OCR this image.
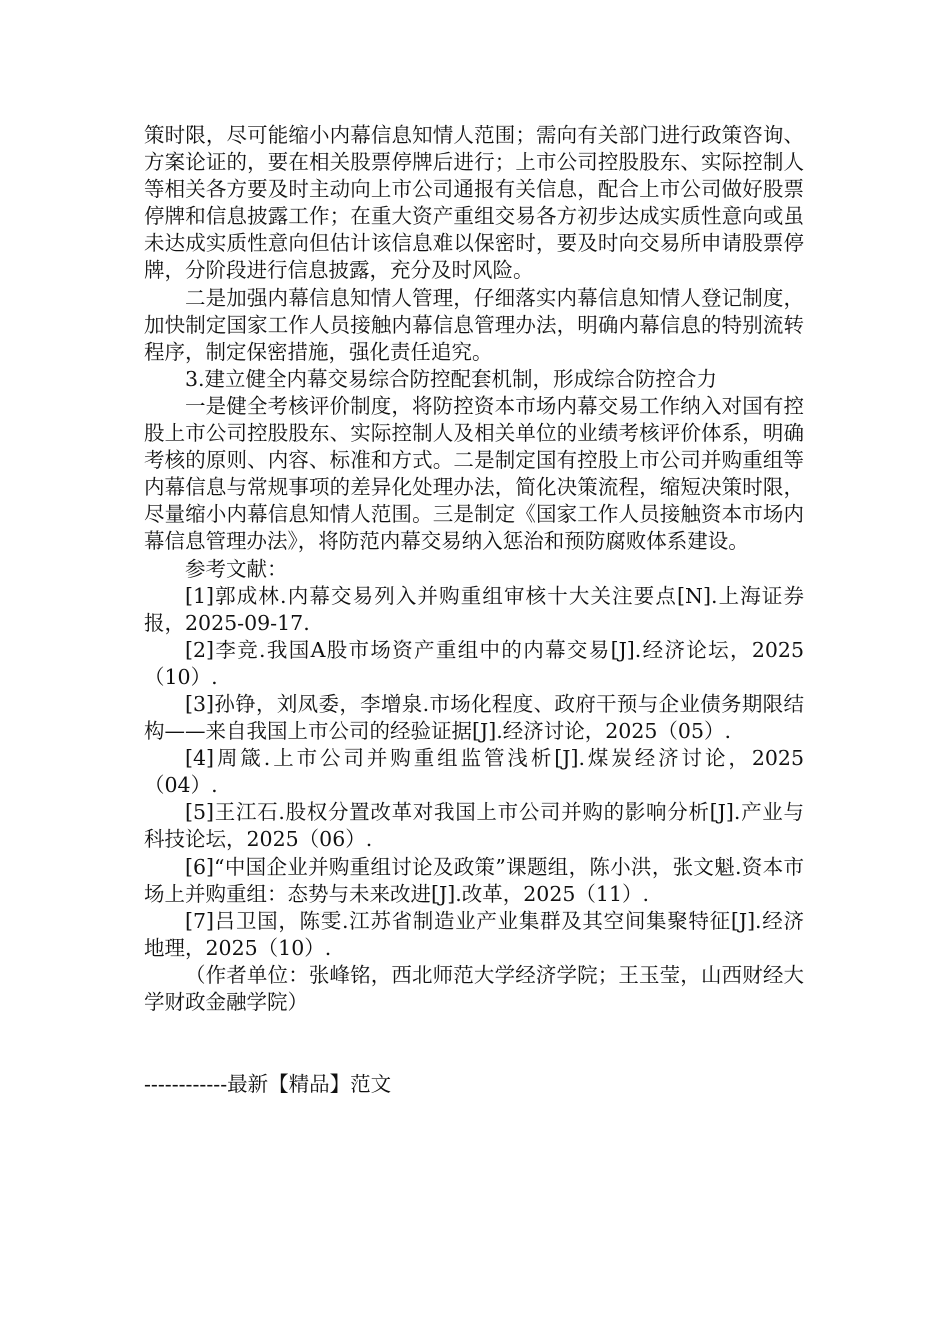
策时限，尽可能缩小内幕信息知情人范围；需向有关部门进行政策咨询、方案论证的，要在相关股票停牌后进行；上市公司控股股东、实际控制人等相关各方要及时主动向上市公司通报有关信息，配合上市公司做好股票停牌和信息披露工作；在重大资产重组交易各方初步达成实质性意向或虽未达成实质性意向但估计该信息难以保密时，要及时向交易所申请股票停牌，分阶段进行信息披露，充分及时风险。

二是加强内幕信息知情人管理，仔细落实内幕信息知情人登记制度，加快制定国家工作人员接触内幕信息管理办法，明确内幕信息的特别流转程序，制定保密措施，强化责任追究。

3.建立健全内幕交易综合防控配套机制，形成综合防控合力

一是健全考核评价制度，将防控资本市场内幕交易工作纳入对国有控股上市公司控股股东、实际控制人及相关单位的业绩考核评价体系，明确考核的原则、内容、标准和方式。二是制定国有控股上市公司并购重组等内幕信息与常规事项的差异化处理办法，简化决策流程，缩短决策时限，尽量缩小内幕信息知情人范围。三是制定《国家工作人员接触资本市场内幕信息管理办法》，将防范内幕交易纳入惩治和预防腐败体系建设。

参考文献：

[1]郭成林.内幕交易列入并购重组审核十大关注要点[N].上海证券报，2025-09-17.

[2]李竞.我国A股市场资产重组中的内幕交易[J].经济论坛，2025（10）.

[3]孙铮，刘凤委，李增泉.市场化程度、政府干预与企业债务期限结构——来自我国上市公司的经验证据[J].经济讨论，2025（05）.

[4]周箴.上市公司并购重组监管浅析[J].煤炭经济讨论，2025（04）.

[5]王江石.股权分置改革对我国上市公司并购的影响分析[J].产业与科技论坛，2025（06）.

[6]“中国企业并购重组讨论及政策”课题组，陈小洪，张文魁.资本市场上并购重组：态势与未来改进[J].改革，2025（11）.

[7]吕卫国，陈雯.江苏省制造业产业集群及其空间集聚特征[J].经济地理，2025（10）.

（作者单位：张峰铭，西北师范大学经济学院；王玉莹，山西财经大学财政金融学院）

------------最新【精品】范文
